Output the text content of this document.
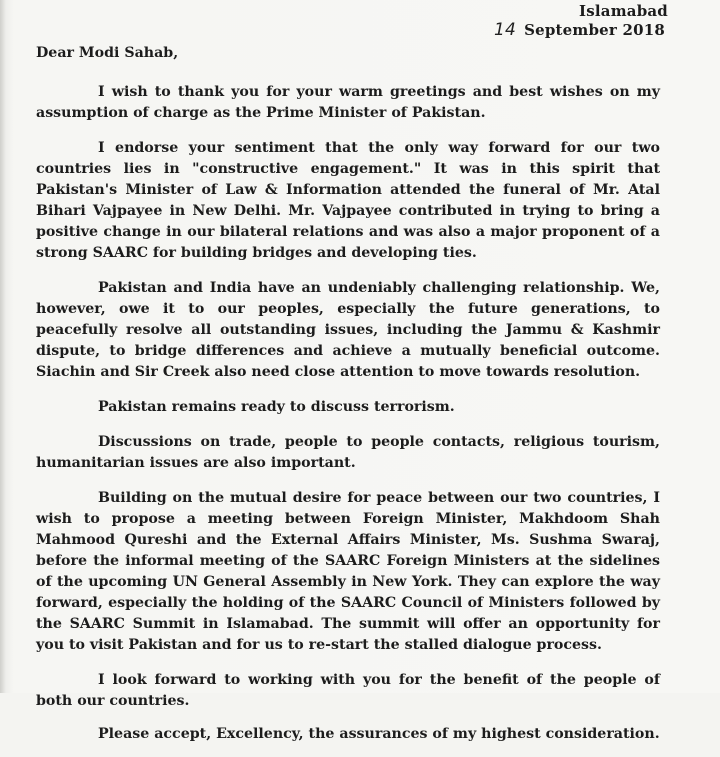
Islamabad
14 September 2018
Dear Modi Sahab,

I wish to thank you for your warm greetings and best wishes on my assumption of charge as the Prime Minister of Pakistan.

I endorse your sentiment that the only way forward for our two countries lies in "constructive engagement." It was in this spirit that Pakistan's Minister of Law & Information attended the funeral of Mr. Atal Bihari Vajpayee in New Delhi. Mr. Vajpayee contributed in trying to bring a positive change in our bilateral relations and was also a major proponent of a strong SAARC for building bridges and developing ties.

Pakistan and India have an undeniably challenging relationship. We, however, owe it to our peoples, especially the future generations, to peacefully resolve all outstanding issues, including the Jammu & Kashmir dispute, to bridge differences and achieve a mutually beneficial outcome. Siachin and Sir Creek also need close attention to move towards resolution.

Pakistan remains ready to discuss terrorism.

Discussions on trade, people to people contacts, religious tourism, humanitarian issues are also important.

Building on the mutual desire for peace between our two countries, I wish to propose a meeting between Foreign Minister, Makhdoom Shah Mahmood Qureshi and the External Affairs Minister, Ms. Sushma Swaraj, before the informal meeting of the SAARC Foreign Ministers at the sidelines of the upcoming UN General Assembly in New York. They can explore the way forward, especially the holding of the SAARC Council of Ministers followed by the SAARC Summit in Islamabad. The summit will offer an opportunity for you to visit Pakistan and for us to re-start the stalled dialogue process.

I look forward to working with you for the benefit of the people of both our countries.

Please accept, Excellency, the assurances of my highest consideration.
